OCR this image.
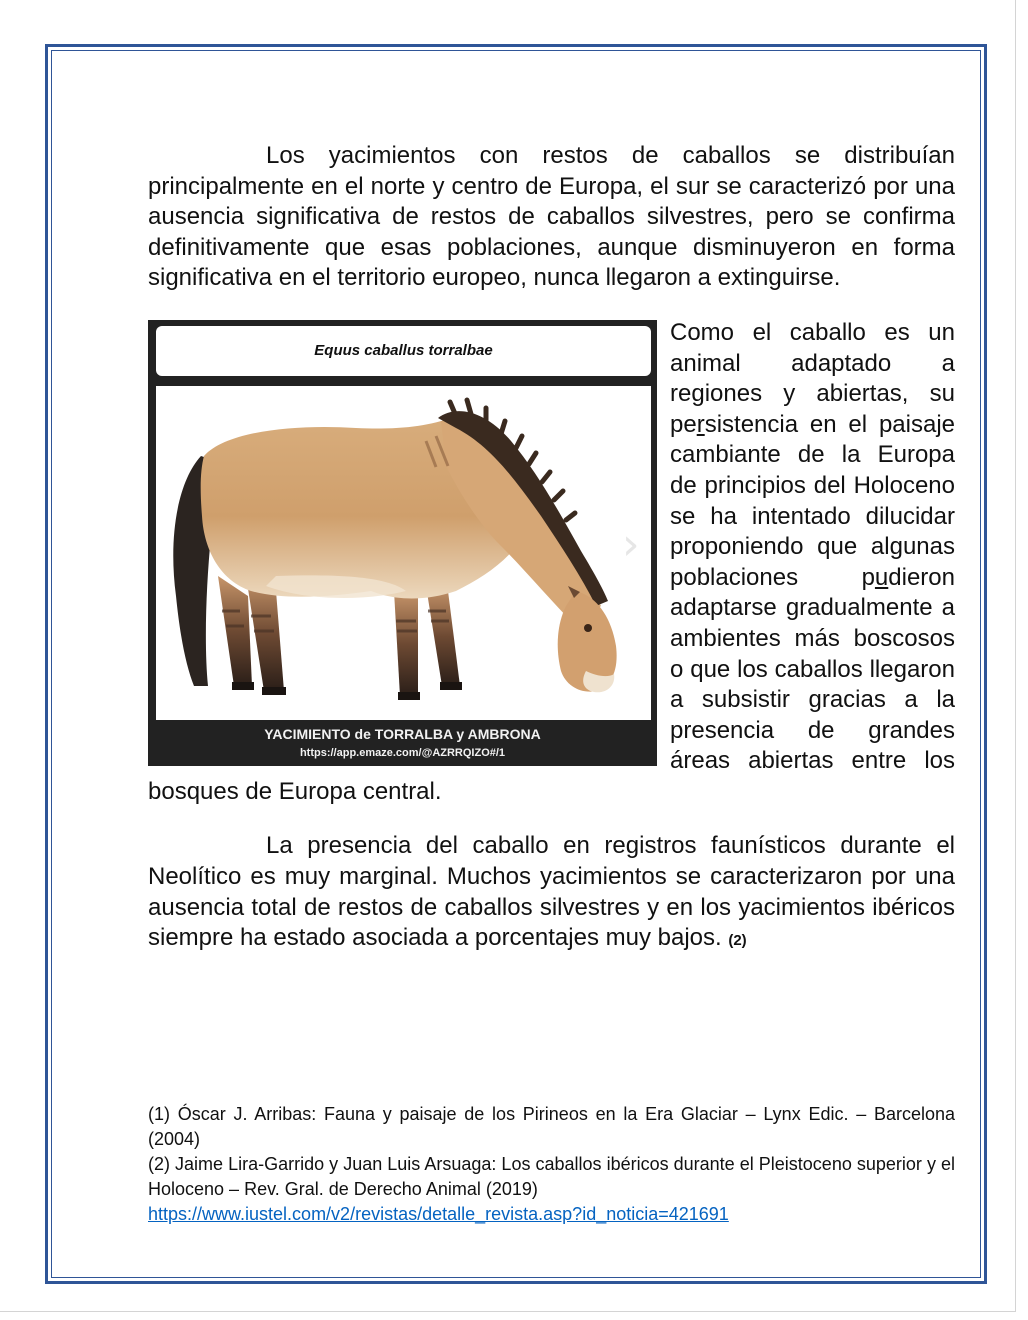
Los yacimientos con restos de caballos se distribuían principalmente en el norte y centro de Europa, el sur se caracterizó por una ausencia significativa de restos de caballos silvestres, pero se confirma definitivamente que esas poblaciones, aunque disminuyeron en forma significativa en el territorio europeo, nunca llegaron a extinguirse.

Equus caballus torralbae
›
YACIMIENTO de TORRALBA y AMBRONA
https://app.emaze.com/@AZRRQIZO#/1

Como el caballo es un animal adaptado a regiones y abiertas, su persistencia en el paisaje cambiante de la Europa de principios del Holoceno se ha intentado dilucidar proponiendo que algunas poblaciones pudieron adaptarse gradualmente a ambientes más boscosos o que los caballos llegaron a subsistir gracias a la presencia de grandes áreas abiertas entre los bosques de Europa central.

La presencia del caballo en registros faunísticos durante el Neolítico es muy marginal. Muchos yacimientos se caracterizaron por una ausencia total de restos de caballos silvestres y en los yacimientos ibéricos siempre ha estado asociada a porcentajes muy bajos. (2)

(1) Óscar J. Arribas: Fauna y paisaje de los Pirineos en la Era Glaciar – Lynx Edic. – Barcelona (2004)

(2) Jaime Lira-Garrido y Juan Luis Arsuaga: Los caballos ibéricos durante el Pleistoceno superior y el Holoceno – Rev. Gral. de Derecho Animal (2019)

https://www.iustel.com/v2/revistas/detalle_revista.asp?id_noticia=421691
